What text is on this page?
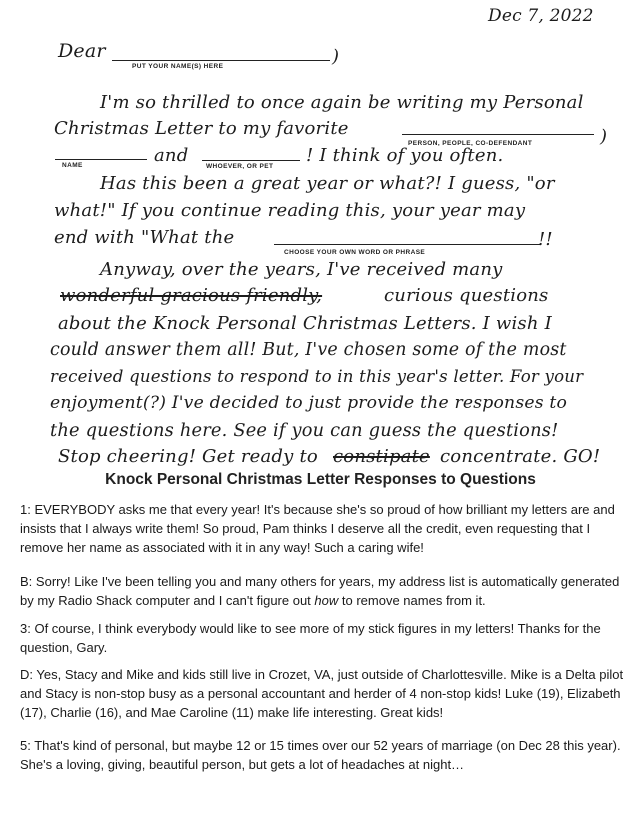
Dec 7, 2022
Dear
PUT YOUR NAME(S) HERE	)
I'm so thrilled to once again be writing my Personal
Christmas Letter to my favorite
PERSON, PEOPLE, CO-DEFENDANT	)
NAME	and
WHOEVER, OR PET
! I think of you often.
Has this been a great year or what?! I guess, "or
what!" If you continue reading this, your year may
end with "What the
CHOOSE YOUR OWN WORD OR PHRASE
!!
Anyway, over the years, I've received many
wonderful gracious friendly,	curious questions
about the Knock Personal Christmas Letters. I wish I
could answer them all! But, I've chosen some of the most
received questions to respond to in this year's letter. For your
enjoyment(?) I've decided to just provide the responses to
the questions here. See if you can guess the questions!
Stop cheering! Get ready to constipate concentrate. GO!
Knock Personal Christmas Letter Responses to Questions
1: EVERYBODY asks me that every year! It's because she's so proud of how brilliant my letters are and insists that I always write them! So proud, Pam thinks I deserve all the credit, even requesting that I remove her name as associated with it in any way! Such a caring wife!
B: Sorry! Like I've been telling you and many others for years, my address list is automatically generated by my Radio Shack computer and I can't figure out how to remove names from it.
3: Of course, I think everybody would like to see more of my stick figures in my letters! Thanks for the question, Gary.
D: Yes, Stacy and Mike and kids still live in Crozet, VA, just outside of Charlottesville. Mike is a Delta pilot and Stacy is non-stop busy as a personal accountant and herder of 4 non-stop kids! Luke (19), Elizabeth (17), Charlie (16), and Mae Caroline (11) make life interesting. Great kids!
5: That's kind of personal, but maybe 12 or 15 times over our 52 years of marriage (on Dec 28 this year). She's a loving, giving, beautiful person, but gets a lot of headaches at night…
